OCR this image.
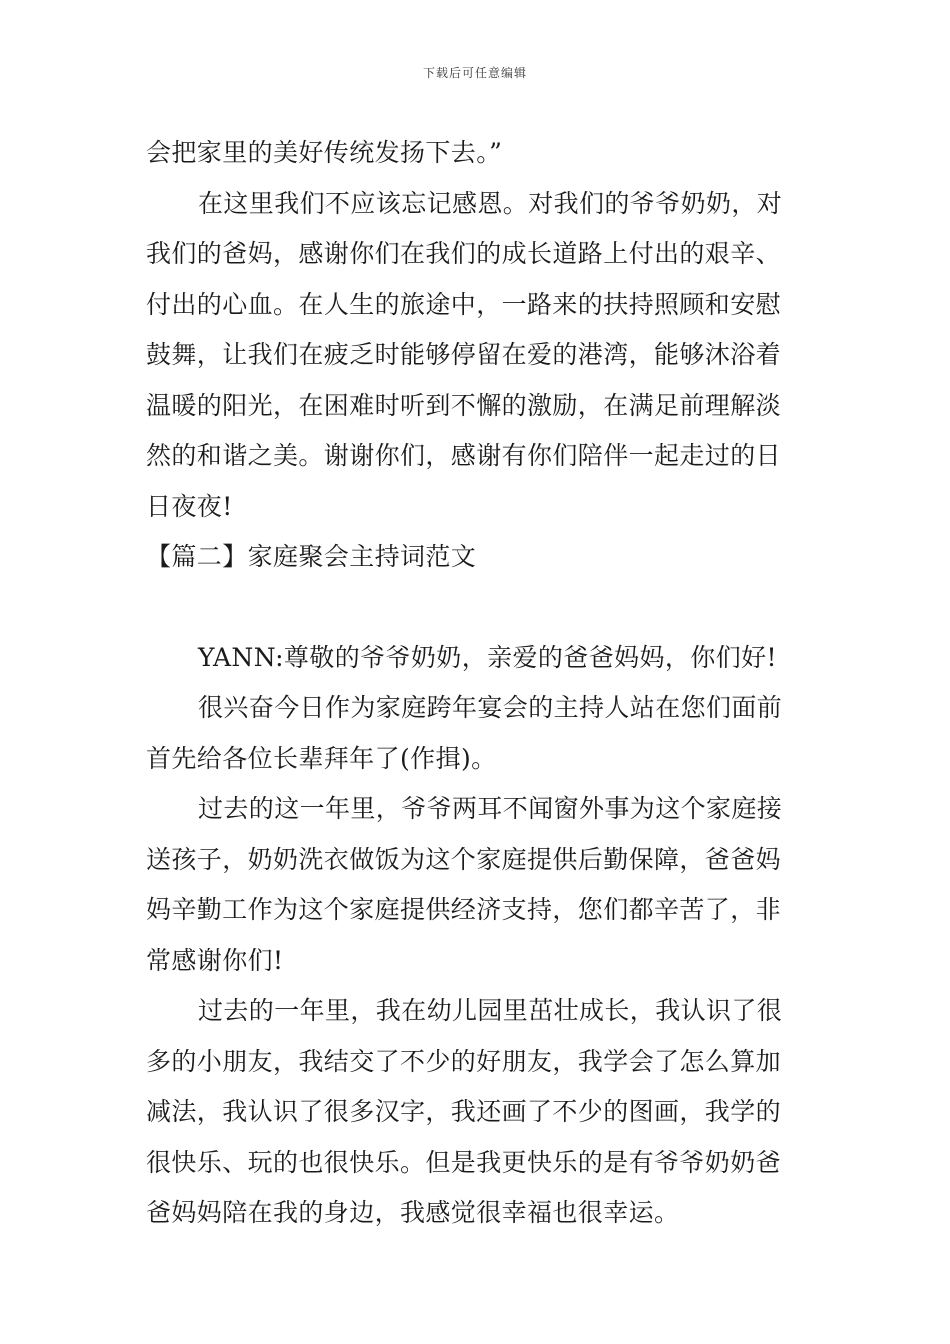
下载后可任意编辑
会把家里的美好传统发扬下去。”
在这里我们不应该忘记感恩。对我们的爷爷奶奶，对
我们的爸妈，感谢你们在我们的成长道路上付出的艰辛、
付出的心血。在人生的旅途中，一路来的扶持照顾和安慰
鼓舞，让我们在疲乏时能够停留在爱的港湾，能够沐浴着
温暖的阳光，在困难时听到不懈的激励，在满足前理解淡
然的和谐之美。谢谢你们，感谢有你们陪伴一起走过的日
日夜夜!
【篇二】家庭聚会主持词范文
YANN:尊敬的爷爷奶奶，亲爱的爸爸妈妈，你们好!
很兴奋今日作为家庭跨年宴会的主持人站在您们面前
首先给各位长辈拜年了(作揖)。
过去的这一年里，爷爷两耳不闻窗外事为这个家庭接
送孩子，奶奶洗衣做饭为这个家庭提供后勤保障，爸爸妈
妈辛勤工作为这个家庭提供经济支持，您们都辛苦了，非
常感谢你们!
过去的一年里，我在幼儿园里茁壮成长，我认识了很
多的小朋友，我结交了不少的好朋友，我学会了怎么算加
减法，我认识了很多汉字，我还画了不少的图画，我学的
很快乐、玩的也很快乐。但是我更快乐的是有爷爷奶奶爸
爸妈妈陪在我的身边，我感觉很幸福也很幸运。
